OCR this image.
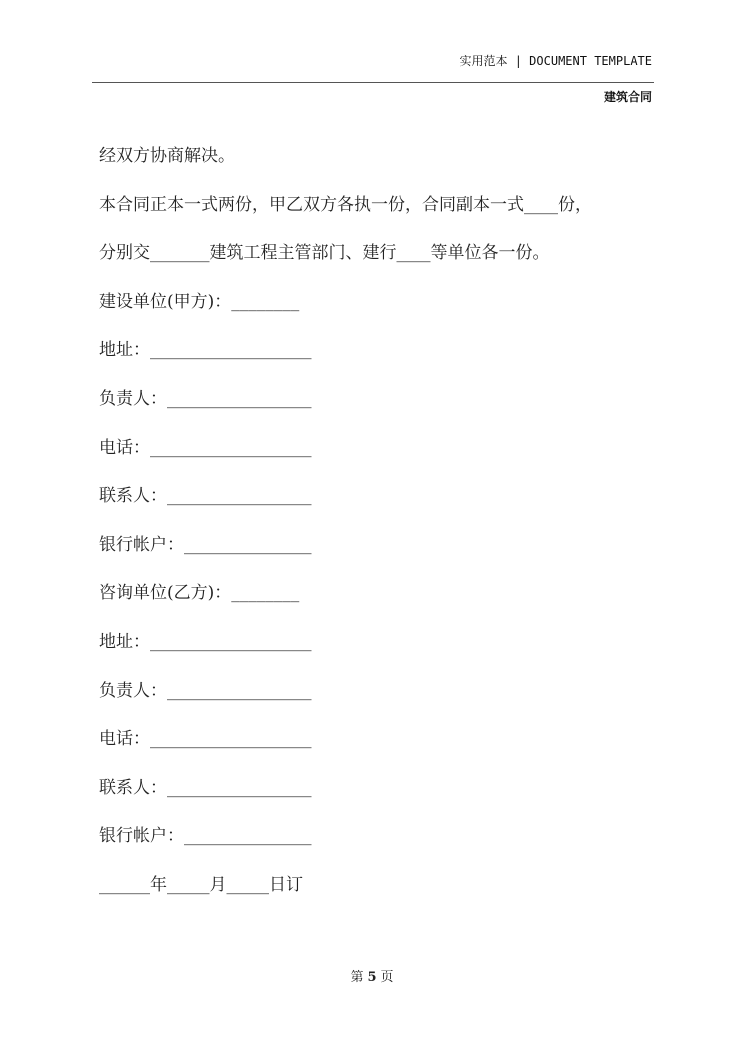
实用范本 | DOCUMENT TEMPLATE
建筑合同
经双方协商解决。
本合同正本一式两份，甲乙双方各执一份，合同副本一式____份，
分别交_______建筑工程主管部门、建行____等单位各一份。
建设单位(甲方)：________
地址：___________________
负责人：_________________
电话：___________________
联系人：_________________
银行帐户：_______________
咨询单位(乙方)：________
地址：___________________
负责人：_________________
电话：___________________
联系人：_________________
银行帐户：_______________
______年_____月_____日订
第 5 页
